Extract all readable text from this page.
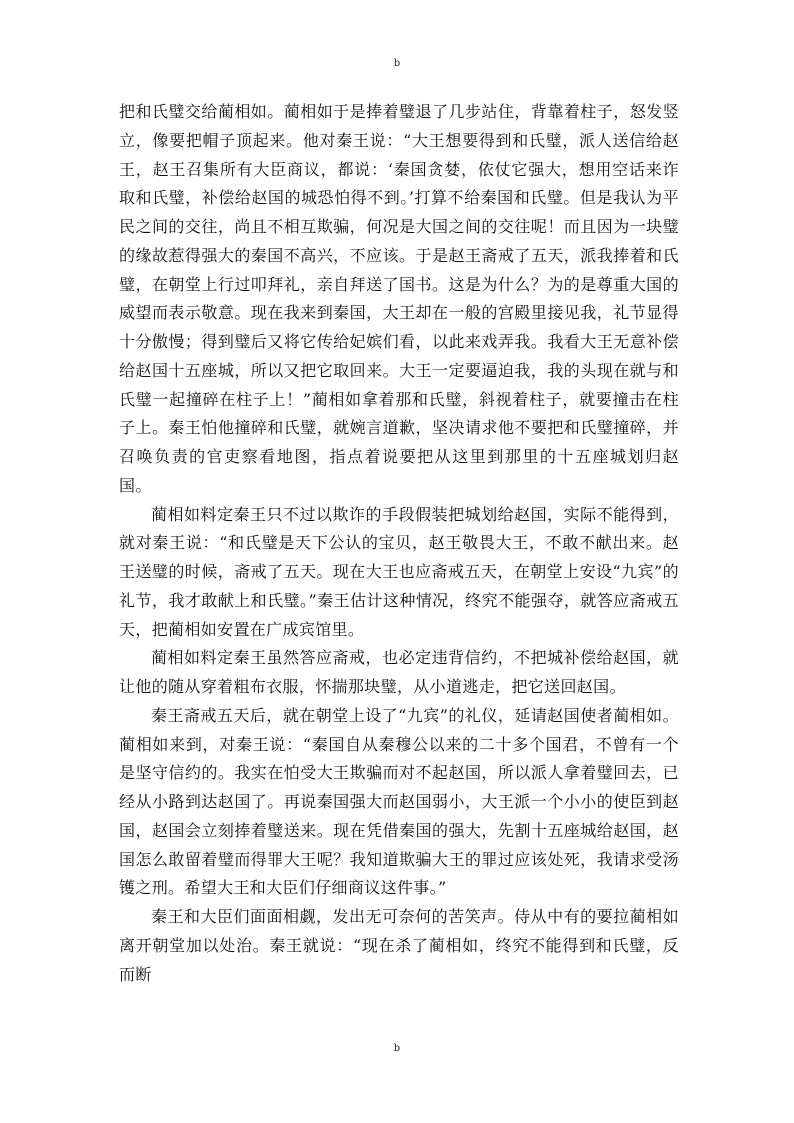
b

把和氏璧交给蔺相如。蔺相如于是捧着璧退了几步站住，背靠着柱子，怒发竖立，像要把帽子顶起来。他对秦王说：“大王想要得到和氏璧，派人送信给赵王，赵王召集所有大臣商议，都说：‘秦国贪婪，依仗它强大，想用空话来诈取和氏璧，补偿给赵国的城恐怕得不到。’打算不给秦国和氏璧。但是我认为平民之间的交往，尚且不相互欺骗，何况是大国之间的交往呢！而且因为一块璧的缘故惹得强大的秦国不高兴，不应该。于是赵王斋戒了五天，派我捧着和氏璧，在朝堂上行过叩拜礼，亲自拜送了国书。这是为什么？为的是尊重大国的威望而表示敬意。现在我来到秦国，大王却在一般的宫殿里接见我，礼节显得十分傲慢；得到璧后又将它传给妃嫔们看，以此来戏弄我。我看大王无意补偿给赵国十五座城，所以又把它取回来。大王一定要逼迫我，我的头现在就与和氏璧一起撞碎在柱子上！”蔺相如拿着那和氏璧，斜视着柱子，就要撞击在柱子上。秦王怕他撞碎和氏璧，就婉言道歉，坚决请求他不要把和氏璧撞碎，并召唤负责的官吏察看地图，指点着说要把从这里到那里的十五座城划归赵 国。

蔺相如料定秦王只不过以欺诈的手段假装把城划给赵国，实际不能得到，就对秦王说：“和氏璧是天下公认的宝贝，赵王敬畏大王，不敢不献出来。赵王送璧的时候，斋戒了五天。现在大王也应斋戒五天，在朝堂上安设“九宾”的礼节，我才敢献上和氏璧。”秦王估计这种情况，终究不能强夺，就答应斋戒五天，把蔺相如安置在广成宾馆里。

蔺相如料定秦王虽然答应斋戒，也必定违背信约，不把城补偿给赵国，就让他的随从穿着粗布衣服，怀揣那块璧，从小道逃走，把它送回赵国。

秦王斋戒五天后，就在朝堂上设了“九宾”的礼仪，延请赵国使者蔺相如。蔺相如来到，对秦王说：“秦国自从秦穆公以来的二十多个国君，不曾有一个是坚守信约的。我实在怕受大王欺骗而对不起赵国，所以派人拿着璧回去，已经从小路到达赵国了。再说秦国强大而赵国弱小，大王派一个小小的使臣到赵国，赵国会立刻捧着璧送来。现在凭借秦国的强大，先割十五座城给赵国，赵国怎么敢留着璧而得罪大王呢？我知道欺骗大王的罪过应该处死，我请求受汤镬之刑。希望大王和大臣们仔细商议这件事。”

秦王和大臣们面面相觑，发出无可奈何的苦笑声。侍从中有的要拉蔺相如离开朝堂加以处治。秦王就说：“现在杀了蔺相如，终究不能得到和氏璧，反而断

b
